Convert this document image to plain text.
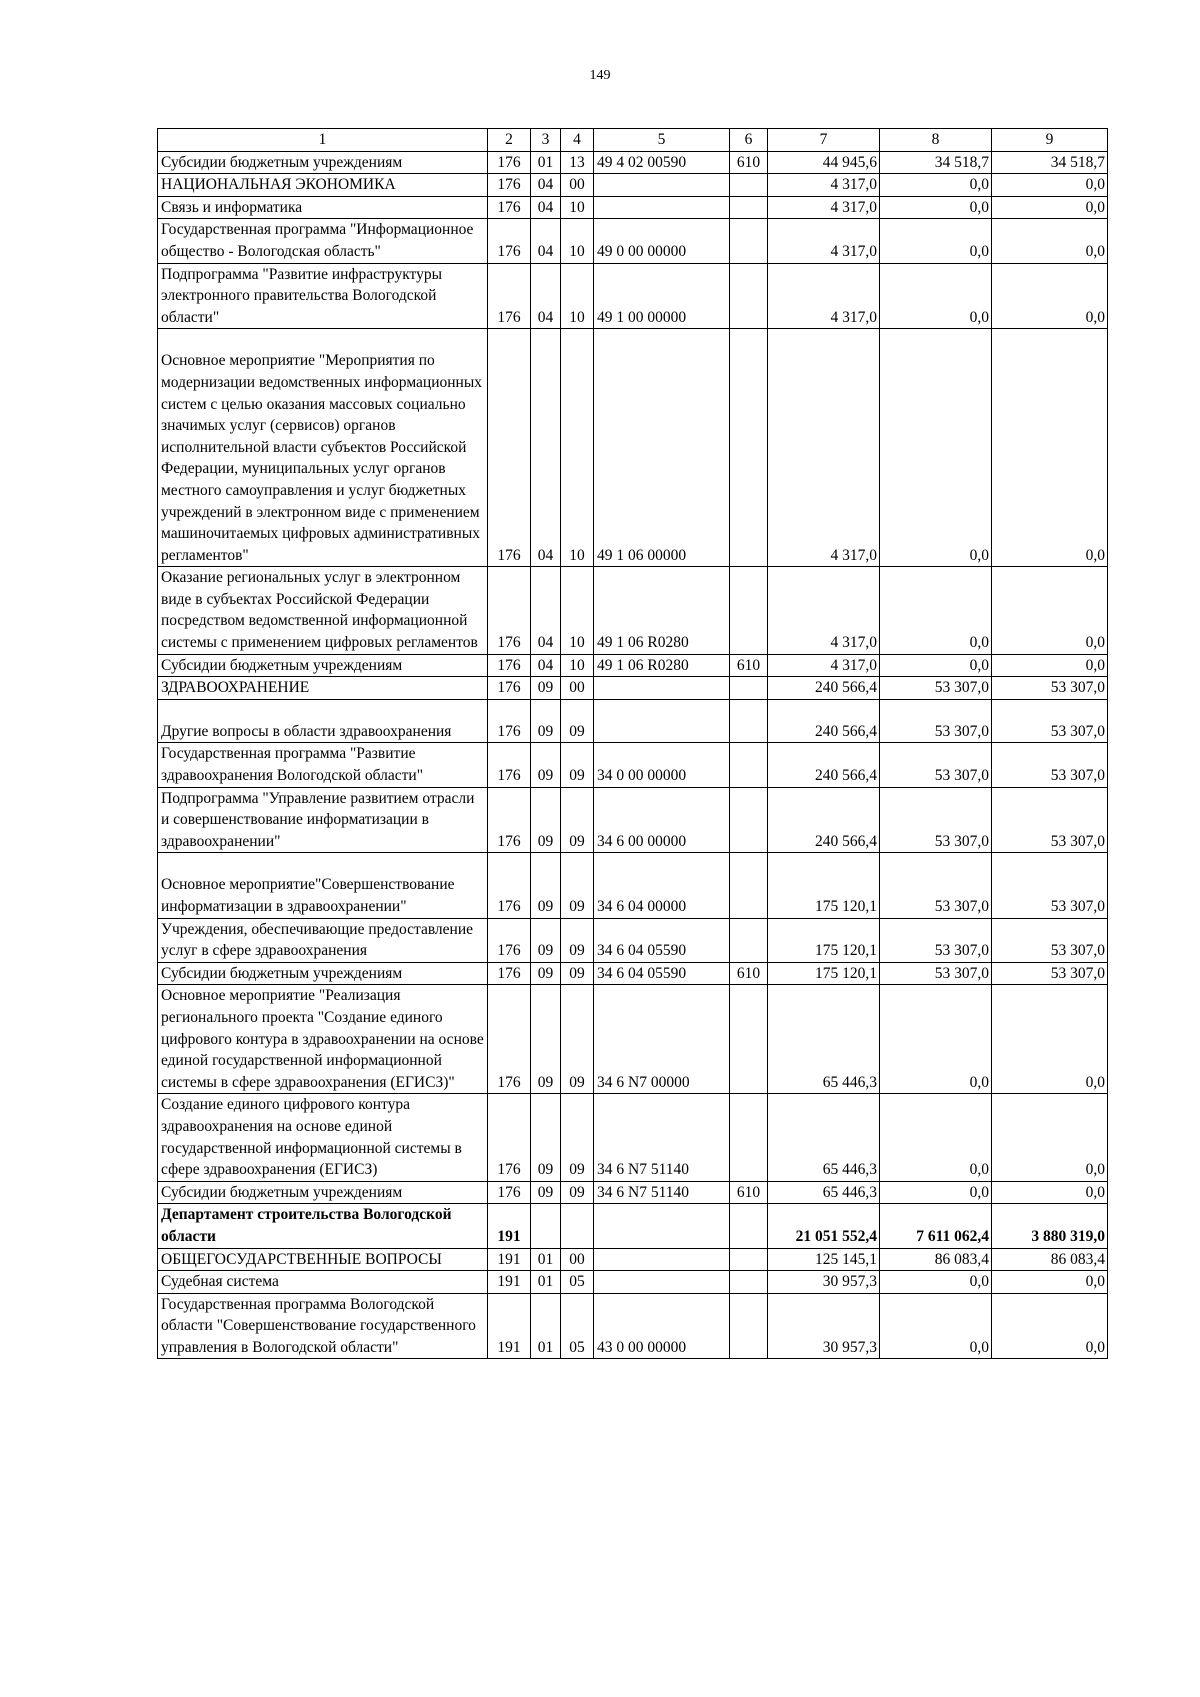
149
1	2	3	4	5	6	7	8	9
Субсидии бюджетным учреждениям	176	01	13	49 4 02 00590	610	44 945,6	34 518,7	34 518,7
НАЦИОНАЛЬНАЯ ЭКОНОМИКА	176	04	00			4 317,0	0,0	0,0
Связь и информатика	176	04	10			4 317,0	0,0	0,0
Государственная программа "Информационное общество - Вологодская область"	176	04	10	49 0 00 00000		4 317,0	0,0	0,0
Подпрограмма "Развитие инфраструктуры электронного правительства Вологодской области"	176	04	10	49 1 00 00000		4 317,0	0,0	0,0
Основное мероприятие "Мероприятия по модернизации ведомственных информационных систем с целью оказания массовых социально значимых услуг (сервисов) органов исполнительной власти субъектов Российской Федерации, муниципальных услуг органов местного самоуправления и услуг бюджетных учреждений в электронном виде с применением машиночитаемых цифровых административных регламентов"	176	04	10	49 1 06 00000		4 317,0	0,0	0,0
Оказание региональных услуг в электронном виде в субъектах Российской Федерации посредством ведомственной информационной системы с применением цифровых регламентов	176	04	10	49 1 06 R0280		4 317,0	0,0	0,0
Субсидии бюджетным учреждениям	176	04	10	49 1 06 R0280	610	4 317,0	0,0	0,0
ЗДРАВООХРАНЕНИЕ	176	09	00			240 566,4	53 307,0	53 307,0
Другие вопросы в области здравоохранения	176	09	09			240 566,4	53 307,0	53 307,0
Государственная программа "Развитие здравоохранения Вологодской области"	176	09	09	34 0 00 00000		240 566,4	53 307,0	53 307,0
Подпрограмма "Управление развитием отрасли и совершенствование информатизации в здравоохранении"	176	09	09	34 6 00 00000		240 566,4	53 307,0	53 307,0
Основное мероприятие"Совершенствование информатизации в здравоохранении"	176	09	09	34 6 04 00000		175 120,1	53 307,0	53 307,0
Учреждения, обеспечивающие предоставление услуг в сфере здравоохранения	176	09	09	34 6 04 05590		175 120,1	53 307,0	53 307,0
Субсидии бюджетным учреждениям	176	09	09	34 6 04 05590	610	175 120,1	53 307,0	53 307,0
Основное мероприятие "Реализация регионального проекта "Создание единого цифрового контура в здравоохранении на основе единой государственной информационной системы в сфере здравоохранения (ЕГИСЗ)"	176	09	09	34 6 N7 00000		65 446,3	0,0	0,0
Создание единого цифрового контура здравоохранения на основе единой государственной информационной системы в сфере здравоохранения (ЕГИСЗ)	176	09	09	34 6 N7 51140		65 446,3	0,0	0,0
Субсидии бюджетным учреждениям	176	09	09	34 6 N7 51140	610	65 446,3	0,0	0,0
Департамент строительства Вологодской области	191					21 051 552,4	7 611 062,4	3 880 319,0
ОБЩЕГОСУДАРСТВЕННЫЕ ВОПРОСЫ	191	01	00			125 145,1	86 083,4	86 083,4
Судебная система	191	01	05			30 957,3	0,0	0,0
Государственная программа Вологодской области "Совершенствование государственного управления в Вологодской области"	191	01	05	43 0 00 00000		30 957,3	0,0	0,0
